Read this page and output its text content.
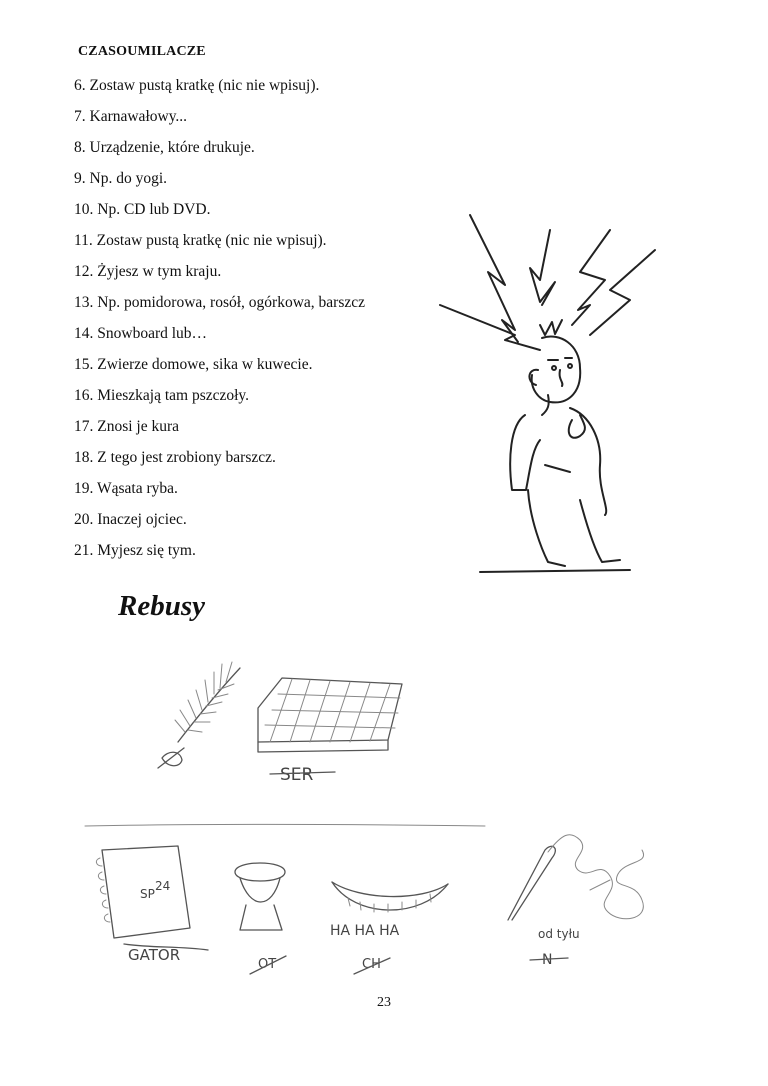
CZASOUMILACZE
6. Zostaw pustą kratkę (nic nie wpisuj).
7. Karnawałowy...
8. Urządzenie, które drukuje.
9. Np. do yogi.
10. Np. CD lub DVD.
11. Zostaw pustą kratkę (nic nie wpisuj).
12. Żyjesz w tym kraju.
13. Np. pomidorowa, rosół, ogórkowa, barszcz
14. Snowboard lub…
15. Zwierze domowe, sika w kuwecie.
16. Mieszkają tam pszczoły.
17. Znosi je kura
18. Z tego jest zrobiony barszcz.
19. Wąsata ryba.
20. Inaczej ojciec.
21. Myjesz się tym.
Rebusy
SER
SP
24
GATOR
OT
HA HA HA
CH
od tyłu
N
23
